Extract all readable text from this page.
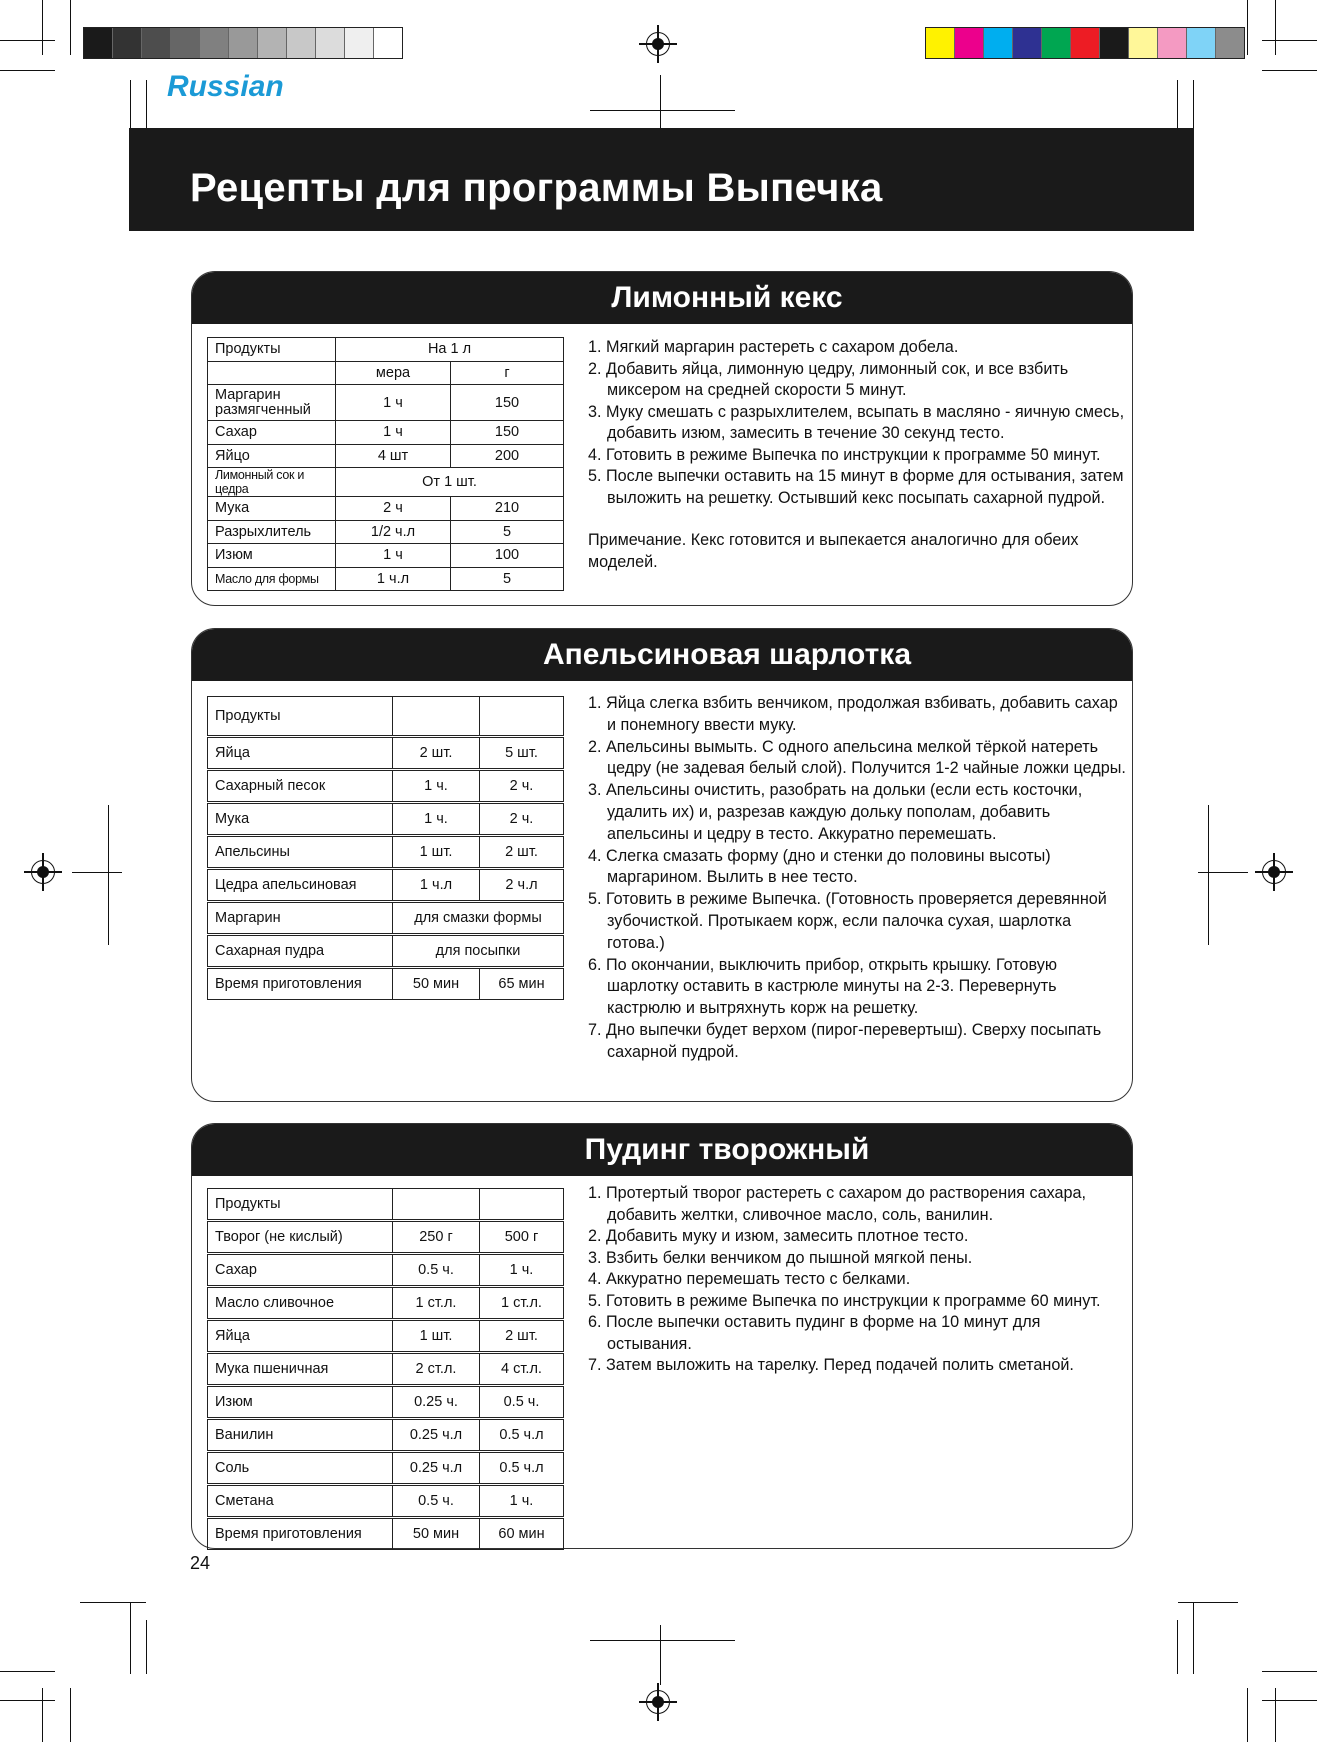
Russian
Рецепты для программы Выпечка
Лимонный кекс
Продукты	На 1 л	
	мера	г
Маргарин размягченный	1 ч	150
Сахар	1 ч	150
Яйцо	4 шт	200
Лимонный сок и цедра	От 1 шт.	
Мука	2 ч	210
Разрыхлитель	1/2 ч.л	5
Изюм	1 ч	100
Масло для формы	1 ч.л	5

1. Мягкий маргарин растереть с сахаром добела.

2. Добавить яйца, лимонную цедру, лимонный сок, и все взбить миксером на средней скорости 5 минут.

3. Муку смешать с разрыхлителем, всыпать в масляно - яичную смесь, добавить изюм, замесить в течение 30 секунд тесто.

4. Готовить в режиме Выпечка по инструкции к программе 50 минут.

5. После выпечки оставить на 15 минут в форме для остывания, затем выложить на решетку. Остывший кекс посыпать сахарной пудрой.

Примечание. Кекс готовится и выпекается аналогично для обеих моделей.

Апельсиновая шарлотка
Продукты		
Яйца	2 шт.	5 шт.
Сахарный песок	1 ч.	2 ч.
Мука	1 ч.	2 ч.
Апельсины	1 шт.	2 шт.
Цедра апельсиновая	1 ч.л	2 ч.л
Маргарин	для смазки формы	
Сахарная пудра	для посыпки	
Время приготовления	50 мин	65 мин

1. Яйца слегка взбить венчиком, продолжая взбивать, добавить сахар и понемногу ввести муку.

2. Апельсины вымыть. С одного апельсина мелкой тёркой натереть цедру (не задевая белый слой). Получится 1-2 чайные ложки цедры.

3. Апельсины очистить, разобрать на дольки (если есть косточки, удалить их) и, разрезав каждую дольку пополам, добавить апельсины и цедру в тесто. Аккуратно перемешать.

4. Слегка смазать форму (дно и стенки до половины высоты) маргарином. Вылить в нее тесто.

5. Готовить в режиме Выпечка. (Готовность проверяется деревянной зубочисткой. Протыкаем корж, если палочка сухая, шарлотка готова.)

6. По окончании, выключить прибор, открыть крышку. Готовую шарлотку оставить в кастрюле минуты на 2-3. Перевернуть кастрюлю и вытряхнуть корж на решетку.

7. Дно выпечки будет верхом (пирог-перевертыш). Сверху посыпать сахарной пудрой.

Пудинг творожный
Продукты		
Творог (не кислый)	250 г	500 г
Сахар	0.5 ч.	1 ч.
Масло сливочное	1 ст.л.	1 ст.л.
Яйца	1 шт.	2 шт.
Мука пшеничная	2 ст.л.	4 ст.л.
Изюм	0.25 ч.	0.5 ч.
Ванилин	0.25 ч.л	0.5 ч.л
Соль	0.25 ч.л	0.5 ч.л
Сметана	0.5 ч.	1 ч.
Время приготовления	50 мин	60 мин

1. Протертый творог растереть с сахаром до растворения сахара, добавить желтки, сливочное масло, соль, ванилин.

2. Добавить муку и изюм, замесить плотное тесто.

3. Взбить белки венчиком до пышной мягкой пены.

4. Аккуратно перемешать тесто с белками.

5. Готовить в режиме Выпечка по инструкции к программе 60 минут.

6. После выпечки оставить пудинг в форме на 10 минут для остывания.

7. Затем выложить на тарелку. Перед подачей полить сметаной.

24
